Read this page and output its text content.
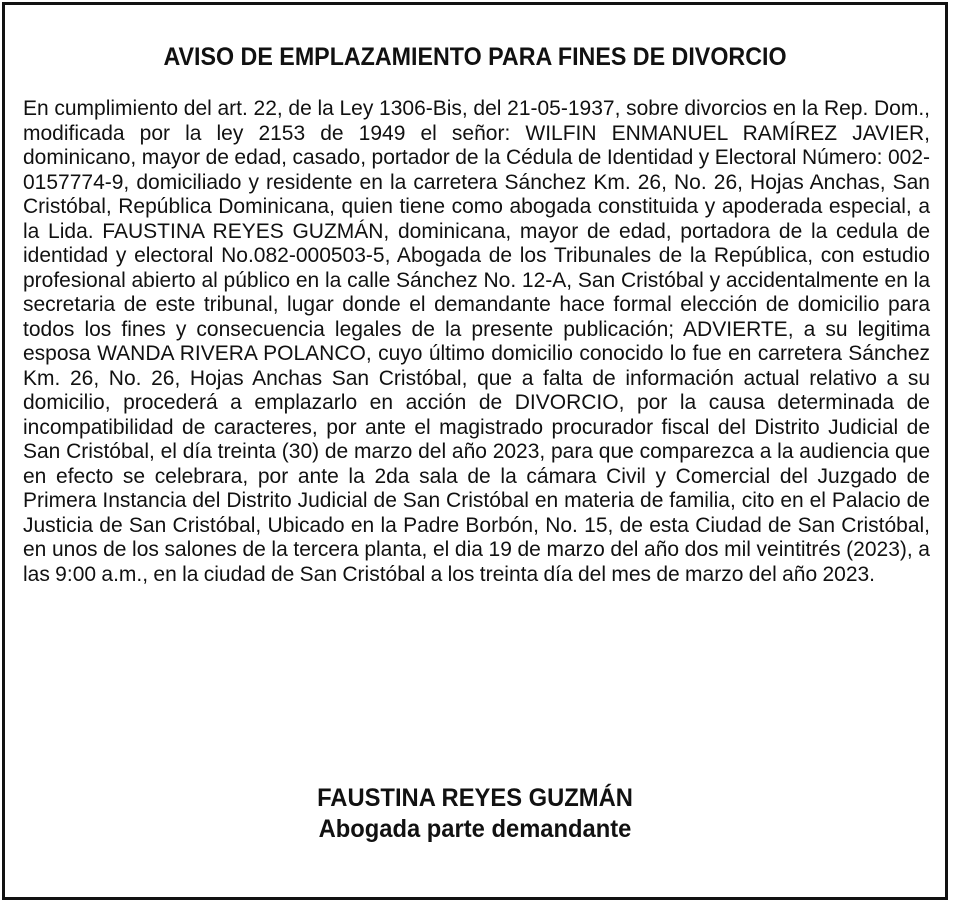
AVISO DE EMPLAZAMIENTO PARA FINES DE DIVORCIO

En cumplimiento del art. 22, de la Ley 1306-Bis, del 21-05-1937, sobre divorcios en la Rep. Dom., modificada por la ley 2153 de 1949 el señor: WILFIN ENMANUEL RAMÍREZ JAVIER, dominicano, mayor de edad, casado, portador de la Cédula de Identidad y Electoral Número: 002-0157774-9, domiciliado y residente en la carretera Sánchez Km. 26, No. 26, Hojas Anchas, San Cristóbal, República Dominicana, quien tiene como abogada constituida y apoderada especial, a la Lida. FAUSTINA REYES GUZMÁN, dominicana, mayor de edad, portadora de la cedula de identidad y electoral No.082-000503-5, Abogada de los Tribunales de la República, con estudio profesional abierto al público en la calle Sánchez No. 12-A, San Cristóbal y accidentalmente en la secretaria de este tribunal, lugar donde el demandante hace formal elección de domicilio para todos los fines y consecuencia legales de la presente publicación; ADVIERTE, a su legitima esposa WANDA RIVERA POLANCO, cuyo último domicilio conocido lo fue en carretera Sánchez Km. 26, No. 26, Hojas Anchas San Cristóbal, que a falta de información actual relativo a su domicilio, procederá a emplazarlo en acción de DIVORCIO, por la causa determinada de incompatibilidad de caracteres, por ante el magistrado procurador fiscal del Distrito Judicial de San Cristóbal, el día treinta (30) de marzo del año 2023, para que comparezca a la audiencia que en efecto se celebrara, por ante la 2da sala de la cámara Civil y Comercial del Juzgado de Primera Instancia del Distrito Judicial de San Cristóbal en materia de familia, cito en el Palacio de Justicia de San Cristóbal, Ubicado en la Padre Borbón, No. 15, de esta Ciudad de San Cristóbal, en unos de los salones de la tercera planta, el dia 19 de marzo del año dos mil veintitrés (2023), a las 9:00 a.m., en la ciudad de San Cristóbal a los treinta día del mes de marzo del año 2023.

FAUSTINA REYES GUZMÁN
Abogada parte demandante
